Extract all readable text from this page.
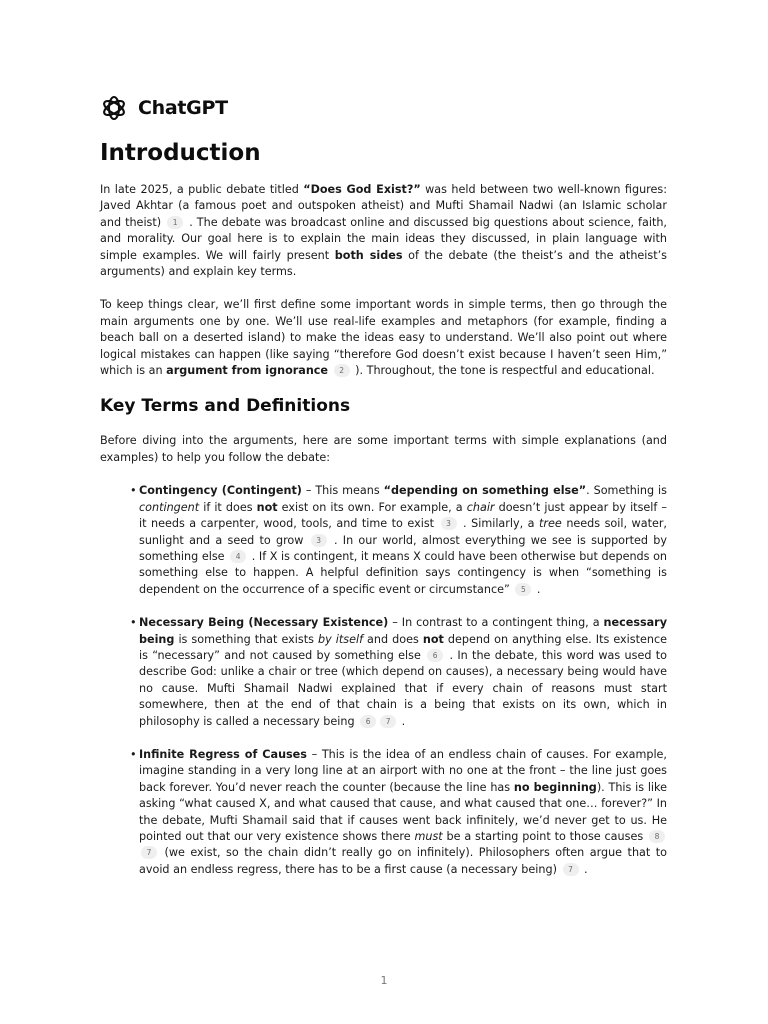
ChatGPT
Introduction

In late 2025, a public debate titled “Does God Exist?” was held between two well-known figures: Javed Akhtar (a famous poet and outspoken atheist) and Mufti Shamail Nadwi (an Islamic scholar and theist) 1 . The debate was broadcast online and discussed big questions about science, faith, and morality. Our goal here is to explain the main ideas they discussed, in plain language with simple examples. We will fairly present both sides of the debate (the theist’s and the atheist’s arguments) and explain key terms.

To keep things clear, we’ll first define some important words in simple terms, then go through the main arguments one by one. We’ll use real-life examples and metaphors (for example, finding a beach ball on a deserted island) to make the ideas easy to understand. We’ll also point out where logical mistakes can happen (like saying “therefore God doesn’t exist because I haven’t seen Him,” which is an argument from ignorance 2 ). Throughout, the tone is respectful and educational.

Key Terms and Definitions

Before diving into the arguments, here are some important terms with simple explanations (and examples) to help you follow the debate:

• Contingency (Contingent) – This means “depending on something else”. Something is contingent if it does not exist on its own. For example, a chair doesn’t just appear by itself – it needs a carpenter, wood, tools, and time to exist 3 . Similarly, a tree needs soil, water, sunlight and a seed to grow 3 . In our world, almost everything we see is supported by something else 4 . If X is contingent, it means X could have been otherwise but depends on something else to happen. A helpful definition says contingency is when “something is dependent on the occurrence of a specific event or circumstance” 5 .
• Necessary Being (Necessary Existence) – In contrast to a contingent thing, a necessary being is something that exists by itself and does not depend on anything else. Its existence is “necessary” and not caused by something else 6 . In the debate, this word was used to describe God: unlike a chair or tree (which depend on causes), a necessary being would have no cause. Mufti Shamail Nadwi explained that if every chain of reasons must start somewhere, then at the end of that chain is a being that exists on its own, which in philosophy is called a necessary being 6 7 .
• Infinite Regress of Causes – This is the idea of an endless chain of causes. For example, imagine standing in a very long line at an airport with no one at the front – the line just goes back forever. You’d never reach the counter (because the line has no beginning). This is like asking “what caused X, and what caused that cause, and what caused that one… forever?” In the debate, Mufti Shamail said that if causes went back infinitely, we’d never get to us. He pointed out that our very existence shows there must be a starting point to those causes 87 (we exist, so the chain didn’t really go on infinitely). Philosophers often argue that to avoid an endless regress, there has to be a first cause (a necessary being) 7 .
1
